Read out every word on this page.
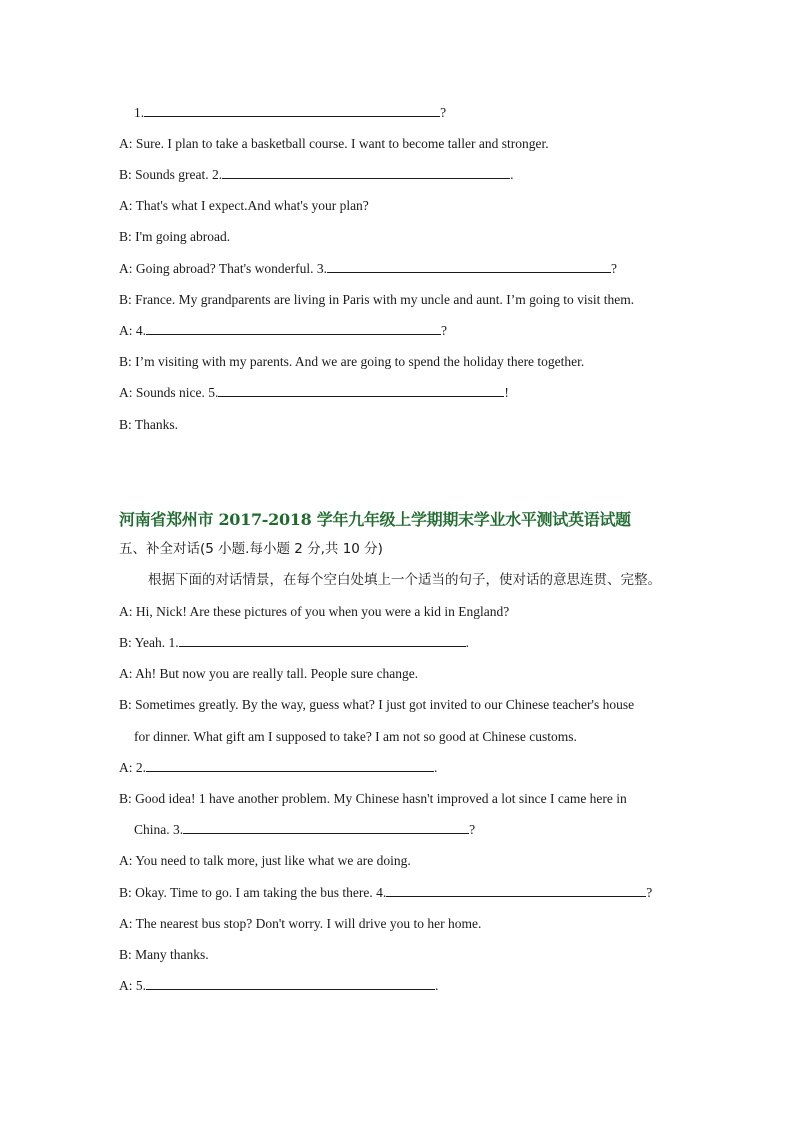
1.	?
A: Sure. I plan to take a basketball course. I want to become taller and stronger.
B: Sounds great. 2.	.
A: That's what I expect.And what's your plan?
B: I'm going abroad.
A: Going abroad? That's wonderful. 3.	?
B: France. My grandparents are living in Paris with my uncle and aunt. I’m going to visit them.
A: 4.	?
B: I’m visiting with my parents. And we are going to spend the holiday there together.
A: Sounds nice. 5.	!
B: Thanks.
河南省郑州市 2017-2018 学年九年级上学期期末学业水平测试英语试题
五、补全对话(5 小题.每小题 2 分,共 10 分)
根据下面的对话情景，在每个空白处填上一个适当的句子，使对话的意思连贯、完整。
A: Hi, Nick! Are these pictures of you when you were a kid in England?
B: Yeah. 1.	.
A: Ah! But now you are really tall. People sure change.
B: Sometimes greatly. By the way, guess what? I just got invited to our Chinese teacher's house
for dinner. What gift am I supposed to take? I am not so good at Chinese customs.
A: 2.	.
B: Good idea! 1 have another problem. My Chinese hasn't improved a lot since I came here in
China. 3.	?
A: You need to talk more, just like what we are doing.
B: Okay. Time to go. I am taking the bus there. 4.	?
A: The nearest bus stop? Don't worry. I will drive you to her home.
B: Many thanks.
A: 5.	.
